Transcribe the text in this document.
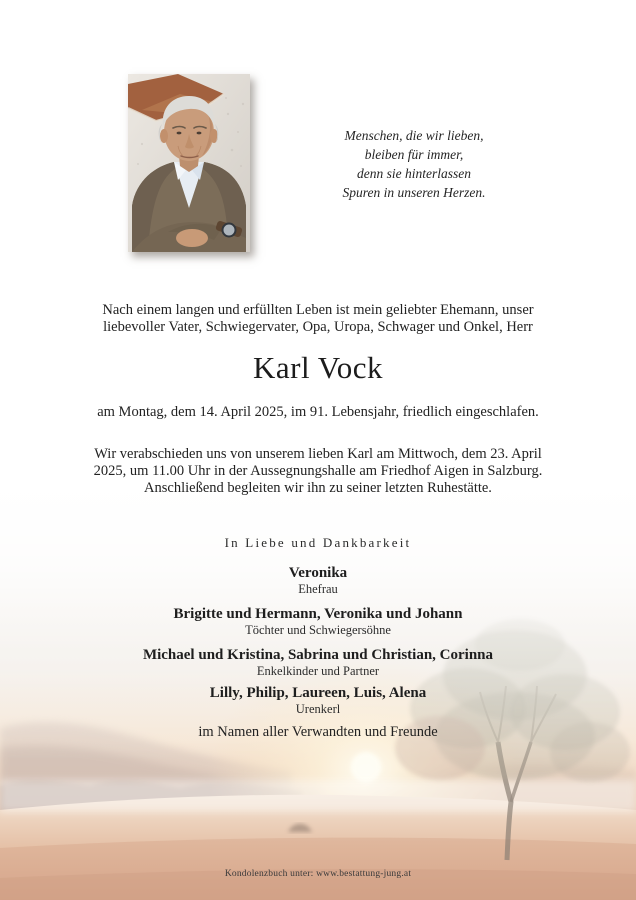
Menschen, die wir lieben,
bleiben für immer,
denn sie hinterlassen
Spuren in unseren Herzen.
Nach einem langen und erfüllten Leben ist mein geliebter Ehemann, unser
liebevoller Vater, Schwiegervater, Opa, Uropa, Schwager und Onkel, Herr
Karl Vock
am Montag, dem 14. April 2025, im 91. Lebensjahr, friedlich eingeschlafen.
Wir verabschieden uns von unserem lieben Karl am Mittwoch, dem 23. April
2025, um 11.00 Uhr in der Aussegnungshalle am Friedhof Aigen in Salzburg.
Anschließend begleiten wir ihn zu seiner letzten Ruhestätte.
In Liebe und Dankbarkeit
Veronika
Ehefrau
Brigitte und Hermann, Veronika und Johann
Töchter und Schwiegersöhne
Michael und Kristina, Sabrina und Christian, Corinna
Enkelkinder und Partner
Lilly, Philip, Laureen, Luis, Alena
Urenkerl
im Namen aller Verwandten und Freunde
Kondolenzbuch unter: www.bestattung-jung.at
